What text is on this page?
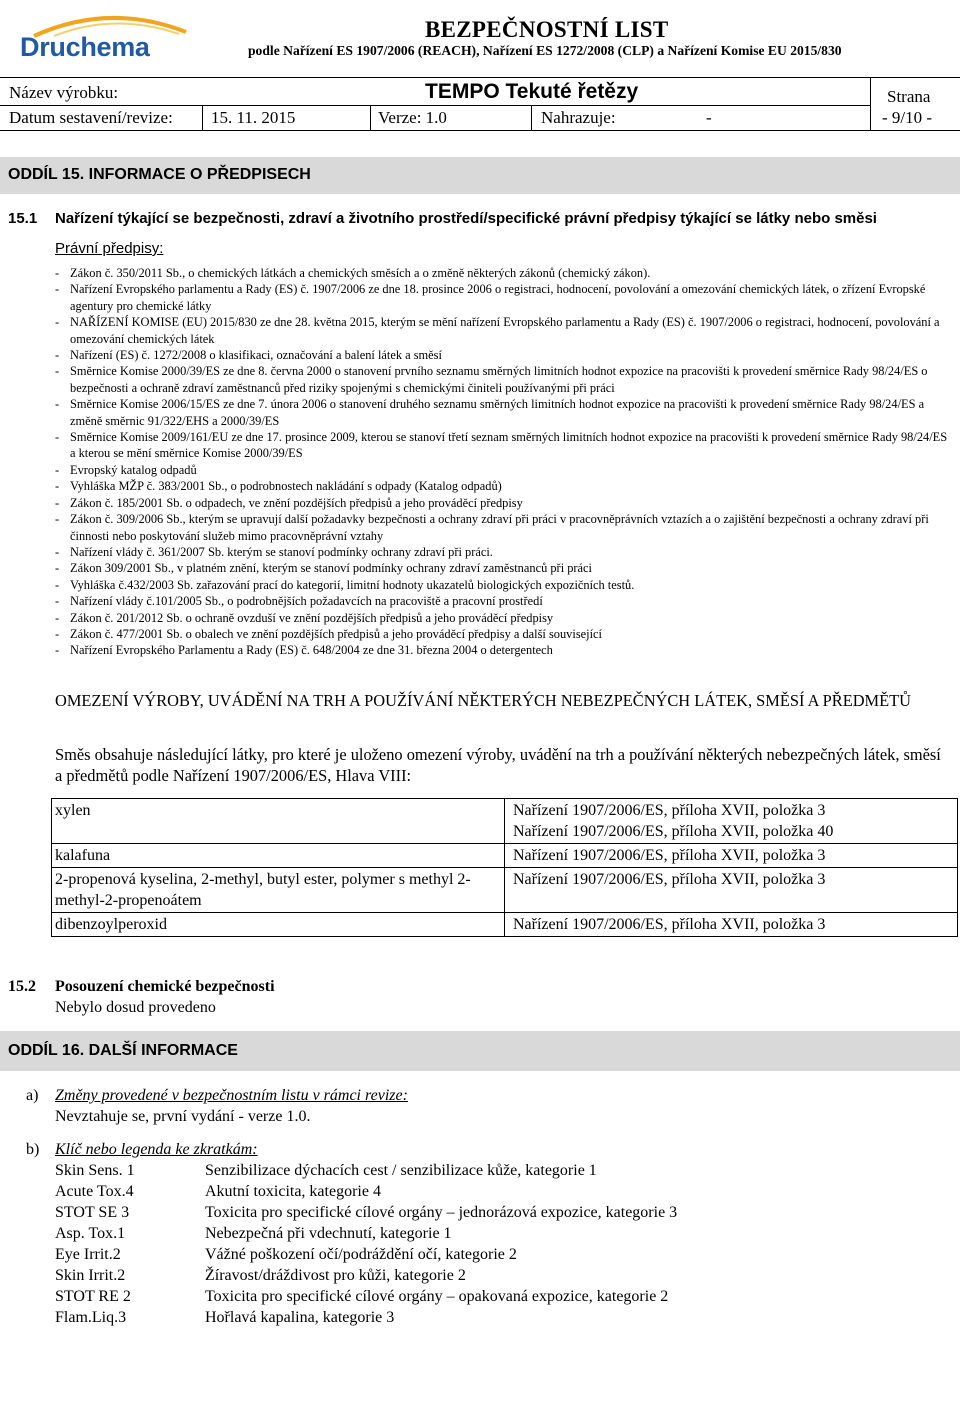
Druchema
BEZPEČNOSTNÍ LIST
podle Nařízení ES 1907/2006 (REACH), Nařízení ES 1272/2008 (CLP) a Nařízení Komise EU 2015/830
Název výrobku:	TEMPO Tekuté řetězy	Strana
Datum sestavení/revize: 15. 11. 2015	Verze: 1.0	Nahrazuje:	-	- 9/10 -
ODDÍL 15. INFORMACE O PŘEDPISECH
15.1 Nařízení týkající se bezpečnosti, zdraví a životního prostředí/specifické právní předpisy týkající se látky nebo směsi
Právní předpisy:
- Zákon č. 350/2011 Sb., o chemických látkách a chemických směsích a o změně některých zákonů (chemický zákon).
- Nařízení Evropského parlamentu a Rady (ES) č. 1907/2006 ze dne 18. prosince 2006 o registraci, hodnocení, povolování a omezování chemických látek, o zřízení Evropské agentury pro chemické látky
- NAŘÍZENÍ KOMISE (EU) 2015/830 ze dne 28. května 2015, kterým se mění nařízení Evropského parlamentu a Rady (ES) č. 1907/2006 o registraci, hodnocení, povolování a omezování chemických látek
- Nařízení (ES) č. 1272/2008 o klasifikaci, označování a balení látek a směsí
- Směrnice Komise 2000/39/ES ze dne 8. června 2000 o stanovení prvního seznamu směrných limitních hodnot expozice na pracovišti k provedení směrnice Rady 98/24/ES o bezpečnosti a ochraně zdraví zaměstnanců před riziky spojenými s chemickými činiteli používanými při práci
- Směrnice Komise 2006/15/ES ze dne 7. února 2006 o stanovení druhého seznamu směrných limitních hodnot expozice na pracovišti k provedení směrnice Rady 98/24/ES a změně směrnic 91/322/EHS a 2000/39/ES
- Směrnice Komise 2009/161/EU ze dne 17. prosince 2009, kterou se stanoví třetí seznam směrných limitních hodnot expozice na pracovišti k provedení směrnice Rady 98/24/ES a kterou se mění směrnice Komise 2000/39/ES
- Evropský katalog odpadů
- Vyhláška MŽP č. 383/2001 Sb., o podrobnostech nakládání s odpady (Katalog odpadů)
- Zákon č. 185/2001 Sb. o odpadech, ve znění pozdějších předpisů a jeho prováděcí předpisy
- Zákon č. 309/2006 Sb., kterým se upravují další požadavky bezpečnosti a ochrany zdraví při práci v pracovněprávních vztazích a o zajištění bezpečnosti a ochrany zdraví při činnosti nebo poskytování služeb mimo pracovněprávní vztahy
- Nařízení vlády č. 361/2007 Sb. kterým se stanoví podmínky ochrany zdraví při práci.
- Zákon 309/2001 Sb., v platném znění, kterým se stanoví podmínky ochrany zdraví zaměstnanců při práci
- Vyhláška č.432/2003 Sb. zařazování prací do kategorií, limitní hodnoty ukazatelů biologických expozičních testů.
- Nařízení vlády č.101/2005 Sb., o podrobnějších požadavcích na pracoviště a pracovní prostředí
- Zákon č. 201/2012 Sb. o ochraně ovzduší ve znění pozdějších předpisů a jeho prováděcí předpisy
- Zákon č. 477/2001 Sb. o obalech ve znění pozdějších předpisů a jeho prováděcí předpisy a další související
- Nařízení Evropského Parlamentu a Rady (ES) č. 648/2004 ze dne 31. března 2004 o detergentech
OMEZENÍ VÝROBY, UVÁDĚNÍ NA TRH A POUŽÍVÁNÍ NĚKTERÝCH NEBEZPEČNÝCH LÁTEK, SMĚSÍ A PŘEDMĚTŮ
Směs obsahuje následující látky, pro které je uloženo omezení výroby, uvádění na trh a používání některých nebezpečných látek, směsí a předmětů podle Nařízení 1907/2006/ES, Hlava VIII:
xylen	Nařízení 1907/2006/ES, příloha XVII, položka 3
Nařízení 1907/2006/ES, příloha XVII, položka 40

kalafuna	Nařízení 1907/2006/ES, příloha XVII, položka 3

2-propenová kyselina, 2-methyl, butyl ester, polymer s methyl 2-methyl-2-propenoátem	Nařízení 1907/2006/ES, příloha XVII, položka 3

dibenzoylperoxid	Nařízení 1907/2006/ES, příloha XVII, položka 3
15.2 Posouzení chemické bezpečnosti
Nebylo dosud provedeno
ODDÍL 16. DALŠÍ INFORMACE
a) Změny provedené v bezpečnostním listu v rámci revize:
Nevztahuje se, první vydání - verze 1.0.
b) Klíč nebo legenda ke zkratkám:
Skin Sens. 1	Senzibilizace dýchacích cest / senzibilizace kůže, kategorie 1
Acute Tox.4	Akutní toxicita, kategorie 4
STOT SE 3	Toxicita pro specifické cílové orgány – jednorázová expozice, kategorie 3
Asp. Tox.1	Nebezpečná při vdechnutí, kategorie 1
Eye Irrit.2	Vážné poškození očí/podráždění očí, kategorie 2
Skin Irrit.2	Žíravost/dráždivost pro kůži, kategorie 2
STOT RE 2	Toxicita pro specifické cílové orgány – opakovaná expozice, kategorie 2
Flam.Liq.3	Hořlavá kapalina, kategorie 3
